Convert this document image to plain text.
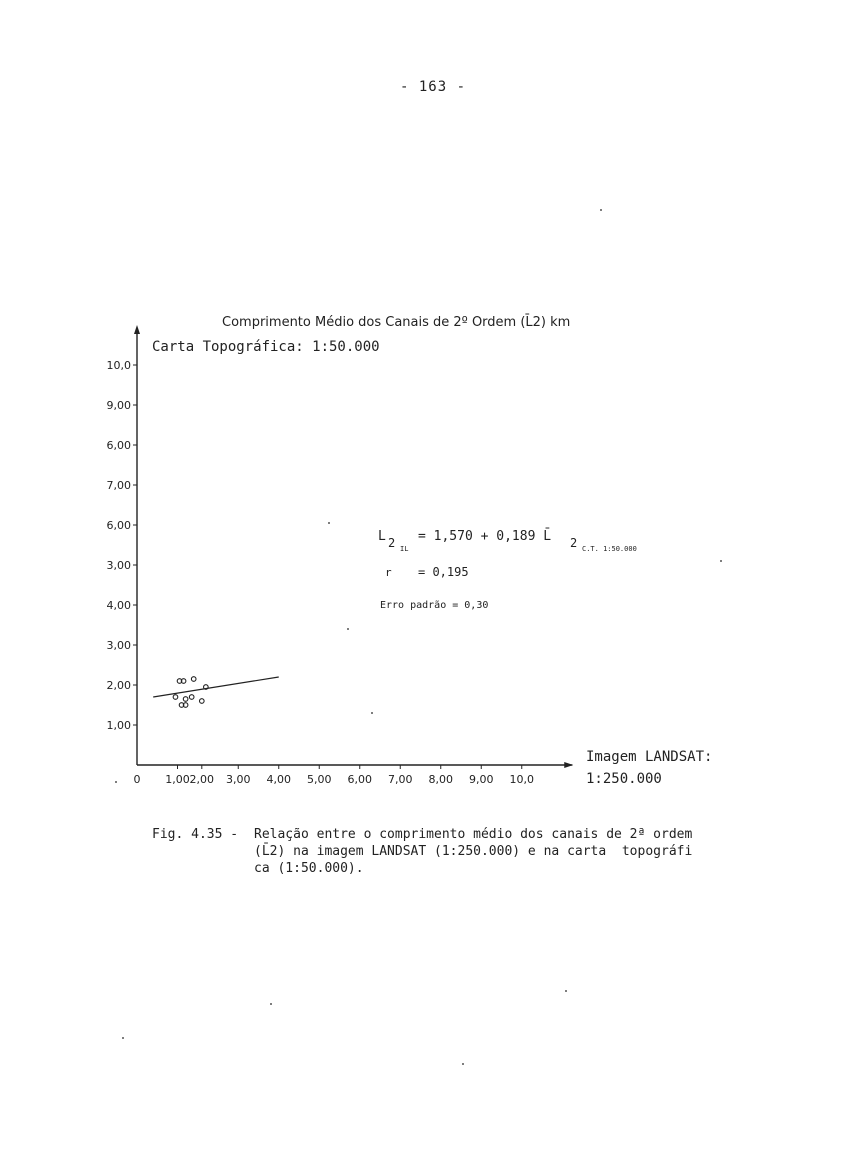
- 163 -
1,00
2,00
3,00
4,00
3,00
6,00
7,00
6,00
9,00
10,0
0 1,00 2,00 3,00 4,00 5,00 6,00 7,00 8,00 9,00 10,0
Comprimento Médio dos Canais de 2º Ordem (L̄2) km
Carta Topográfica: 1:50.000
Imagem LANDSAT:
1:250.000
L 2 IL
= 1,570 + 0,189 L̄ 2 C.T. 1:50.000
r = 0,195
Erro padrão = 0,30
Fig. 4.35 - Relação entre o comprimento médio dos canais de 2ª ordem
(L̄2) na imagem LANDSAT (1:250.000) e na carta  topográfi
ca (1:50.000).
